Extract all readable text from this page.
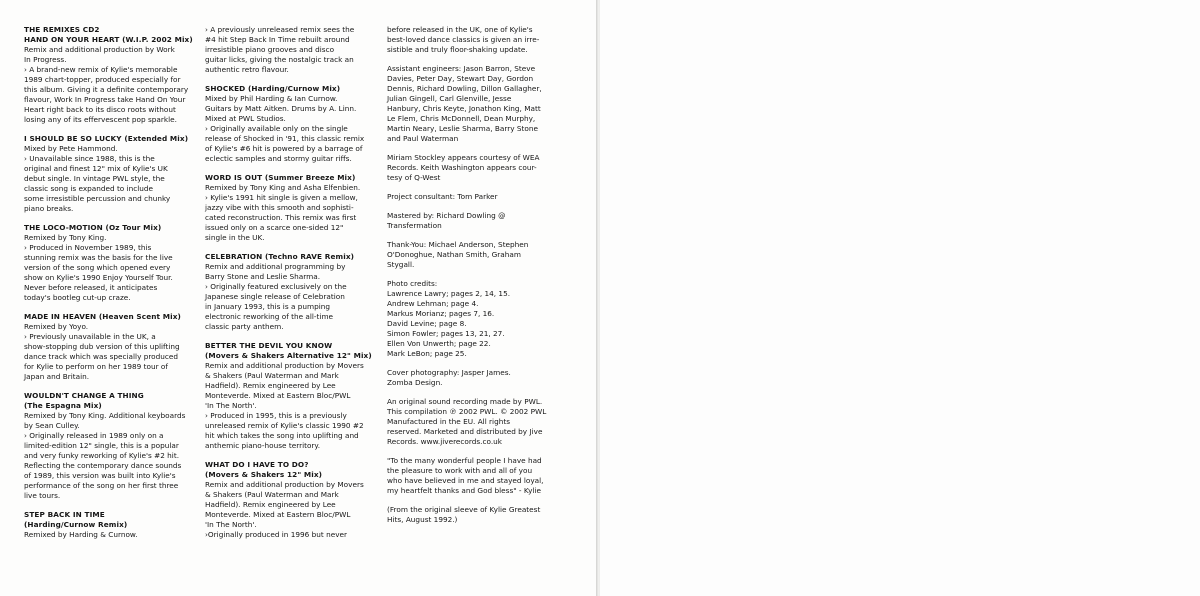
THE REMIXES CD2
HAND ON YOUR HEART (W.I.P. 2002 Mix)
Remix and additional production by Work
In Progress.
› A brand-new remix of Kylie's memorable
1989 chart-topper, produced especially for
this album. Giving it a definite contemporary
flavour, Work In Progress take Hand On Your
Heart right back to its disco roots without
losing any of its effervescent pop sparkle.
I SHOULD BE SO LUCKY (Extended Mix)
Mixed by Pete Hammond.
› Unavailable since 1988, this is the
original and finest 12" mix of Kylie's UK
debut single. In vintage PWL style, the
classic song is expanded to include
some irresistible percussion and chunky
piano breaks.
THE LOCO-MOTION (Oz Tour Mix)
Remixed by Tony King.
› Produced in November 1989, this
stunning remix was the basis for the live
version of the song which opened every
show on Kylie's 1990 Enjoy Yourself Tour.
Never before released, it anticipates
today's bootleg cut-up craze.
MADE IN HEAVEN (Heaven Scent Mix)
Remixed by Yoyo.
› Previously unavailable in the UK, a
show-stopping dub version of this uplifting
dance track which was specially produced
for Kylie to perform on her 1989 tour of
Japan and Britain.
WOULDN'T CHANGE A THING
(The Espagna Mix)
Remixed by Tony King. Additional keyboards
by Sean Culley.
› Originally released in 1989 only on a
limited-edition 12" single, this is a popular
and very funky reworking of Kylie's #2 hit.
Reflecting the contemporary dance sounds
of 1989, this version was built into Kylie's
performance of the song on her first three
live tours.
STEP BACK IN TIME
(Harding/Curnow Remix)
Remixed by Harding & Curnow.
› A previously unreleased remix sees the
#4 hit Step Back In Time rebuilt around
irresistible piano grooves and disco
guitar licks, giving the nostalgic track an
authentic retro flavour.
SHOCKED (Harding/Curnow Mix)
Mixed by Phil Harding & Ian Curnow.
Guitars by Matt Aitken. Drums by A. Linn.
Mixed at PWL Studios.
› Originally available only on the single
release of Shocked in '91, this classic remix
of Kylie's #6 hit is powered by a barrage of
eclectic samples and stormy guitar riffs.
WORD IS OUT (Summer Breeze Mix)
Remixed by Tony King and Asha Elfenbien.
› Kylie's 1991 hit single is given a mellow,
jazzy vibe with this smooth and sophisti-
cated reconstruction. This remix was first
issued only on a scarce one-sided 12"
single in the UK.
CELEBRATION (Techno RAVE Remix)
Remix and additional programming by
Barry Stone and Leslie Sharma.
› Originally featured exclusively on the
Japanese single release of Celebration
in January 1993, this is a pumping
electronic reworking of the all-time
classic party anthem.
BETTER THE DEVIL YOU KNOW
(Movers & Shakers Alternative 12" Mix)
Remix and additional production by Movers
& Shakers (Paul Waterman and Mark
Hadfield). Remix engineered by Lee
Monteverde. Mixed at Eastern Bloc/PWL
'In The North'.
› Produced in 1995, this is a previously
unreleased remix of Kylie's classic 1990 #2
hit which takes the song into uplifting and
anthemic piano-house territory.
WHAT DO I HAVE TO DO?
(Movers & Shakers 12" Mix)
Remix and additional production by Movers
& Shakers (Paul Waterman and Mark
Hadfield). Remix engineered by Lee
Monteverde. Mixed at Eastern Bloc/PWL
'In The North'.
›Originally produced in 1996 but never
before released in the UK, one of Kylie's
best-loved dance classics is given an irre-
sistible and truly floor-shaking update.
Assistant engineers: Jason Barron, Steve
Davies, Peter Day, Stewart Day, Gordon
Dennis, Richard Dowling, Dillon Gallagher,
Julian Gingell, Carl Glenville, Jesse
Hanbury, Chris Keyte, Jonathon King, Matt
Le Flem, Chris McDonnell, Dean Murphy,
Martin Neary, Leslie Sharma, Barry Stone
and Paul Waterman
Miriam Stockley appears courtesy of WEA
Records. Keith Washington appears cour-
tesy of Q-West
Project consultant: Tom Parker
Mastered by: Richard Dowling @
Transfermation
Thank-You: Michael Anderson, Stephen
O'Donoghue, Nathan Smith, Graham
Stygall.
Photo credits:
Lawrence Lawry; pages 2, 14, 15.
Andrew Lehman; page 4.
Markus Morianz; pages 7, 16.
David Levine; page 8.
Simon Fowler; pages 13, 21, 27.
Ellen Von Unwerth; page 22.
Mark LeBon; page 25.
Cover photography: Jasper James.
Zomba Design.
An original sound recording made by PWL.
This compilation ℗ 2002 PWL. © 2002 PWL
Manufactured in the EU. All rights
reserved. Marketed and distributed by Jive
Records. www.jiverecords.co.uk
"To the many wonderful people I have had
the pleasure to work with and all of you
who have believed in me and stayed loyal,
my heartfelt thanks and God bless" - Kylie
(From the original sleeve of Kylie Greatest
Hits, August 1992.)
